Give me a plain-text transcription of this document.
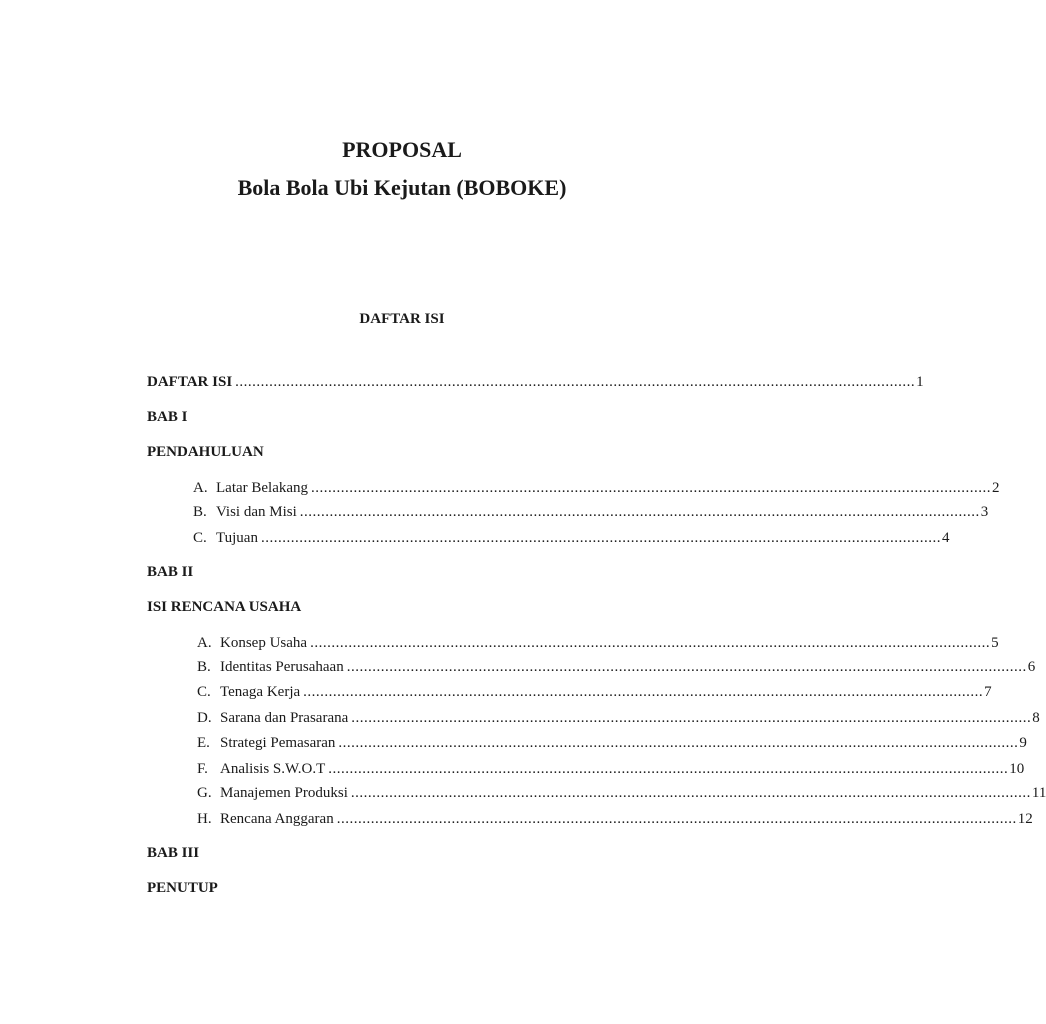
PROPOSAL
Bola Bola Ubi Kejutan (BOBOKE)
DAFTAR ISI
DAFTAR ISI ................................................................................................................................................................ 1
BAB I
PENDAHULUAN
A. Latar Belakang ................................................................................................................................................................ 2
B. Visi dan Misi ................................................................................................................................................................ 3
C. Tujuan ................................................................................................................................................................ 4
BAB II
ISI RENCANA USAHA
A. Konsep Usaha ................................................................................................................................................................ 5
B. Identitas Perusahaan ................................................................................................................................................................ 6
C. Tenaga Kerja ................................................................................................................................................................ 7
D. Sarana dan Prasarana ................................................................................................................................................................ 8
E. Strategi Pemasaran ................................................................................................................................................................ 9
F. Analisis S.W.O.T ................................................................................................................................................................ 10
G. Manajemen Produksi ................................................................................................................................................................ 11
H. Rencana Anggaran ................................................................................................................................................................ 12
BAB III
PENUTUP
